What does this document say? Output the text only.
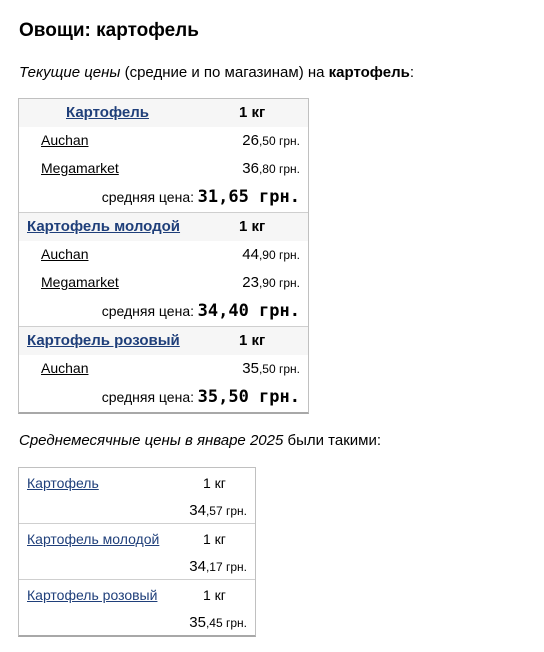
Овощи: картофель

Текущие цены (средние и по магазинам) на картофель:

Картофель	1 кг
Auchan	26,50 грн.
Megamarket	36,80 грн.
средняя цена: 31,65 грн.
Картофель молодой	1 кг
Auchan	44,90 грн.
Megamarket	23,90 грн.
средняя цена: 34,40 грн.
Картофель розовый	1 кг
Auchan	35,50 грн.
средняя цена: 35,50 грн.

Среднемесячные цены в январе 2025 были такими:

Картофель	1 кг
34,57 грн.
Картофель молодой	1 кг
34,17 грн.
Картофель розовый	1 кг
35,45 грн.
